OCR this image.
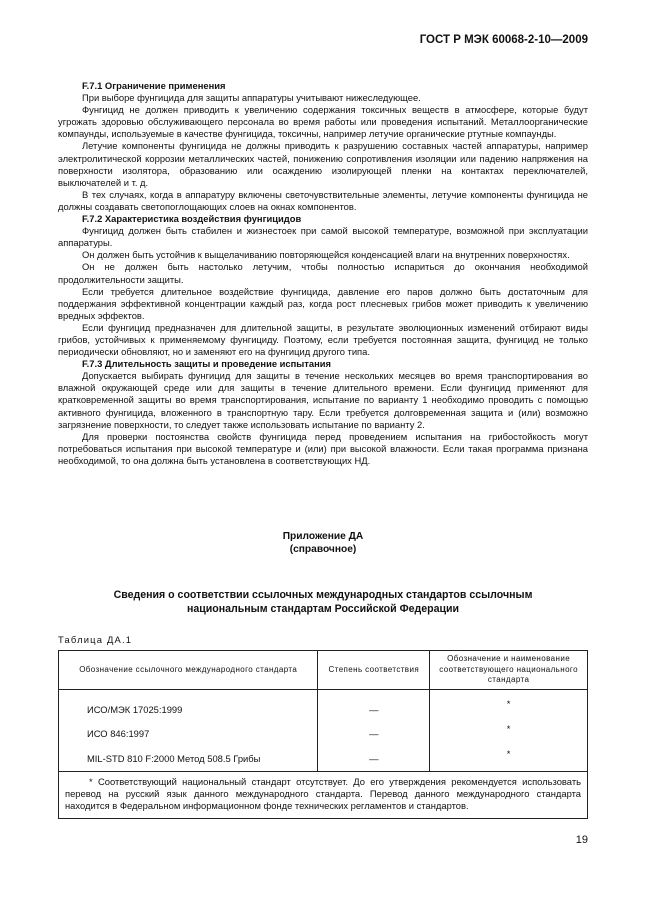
ГОСТ Р МЭК 60068-2-10—2009

F.7.1 Ограничение применения

При выборе фунгицида для защиты аппаратуры учитывают нижеследующее.

Фунгицид не должен приводить к увеличению содержания токсичных веществ в атмосфере, которые будут угрожать здоровью обслуживающего персонала во время работы или проведения испытаний. Металлоорганические компаунды, используемые в качестве фунгицида, токсичны, например летучие органические ртутные компаунды.

Летучие компоненты фунгицида не должны приводить к разрушению составных частей аппаратуры, например электролитической коррозии металлических частей, понижению сопротивления изоляции или падению напряжения на поверхности изолятора, образованию или осаждению изолирующей пленки на контактах переключателей, выключателей и т. д.

В тех случаях, когда в аппаратуру включены светочувствительные элементы, летучие компоненты фунгицида не должны создавать светопоглощающих слоев на окнах компонентов.

F.7.2 Характеристика воздействия фунгицидов

Фунгицид должен быть стабилен и жизнестоек при самой высокой температуре, возможной при эксплуатации аппаратуры.

Он должен быть устойчив к выщелачиванию повторяющейся конденсацией влаги на внутренних поверхностях.

Он не должен быть настолько летучим, чтобы полностью испариться до окончания необходимой продолжительности защиты.

Если требуется длительное воздействие фунгицида, давление его паров должно быть достаточным для поддержания эффективной концентрации каждый раз, когда рост плесневых грибов может приводить к увеличению вредных эффектов.

Если фунгицид предназначен для длительной защиты, в результате эволюционных изменений отбирают виды грибов, устойчивых к применяемому фунгициду. Поэтому, если требуется постоянная защита, фунгицид не только периодически обновляют, но и заменяют его на фунгицид другого типа.

F.7.3 Длительность защиты и проведение испытания

Допускается выбирать фунгицид для защиты в течение нескольких месяцев во время транспортирования во влажной окружающей среде или для защиты в течение длительного времени. Если фунгицид применяют для кратковременной защиты во время транспортирования, испытание по варианту 1 необходимо проводить с помощью активного фунгицида, вложенного в транспортную тару. Если требуется долговременная защита и (или) возможно загрязнение поверхности, то следует также использовать испытание по варианту 2.

Для проверки постоянства свойств фунгицида перед проведением испытания на грибостойкость могут потребоваться испытания при высокой температуре и (или) при высокой влажности. Если такая программа признана необходимой, то она должна быть установлена в соответствующих НД.

Приложение ДА
(справочное)
Сведения о соответствии ссылочных международных стандартов ссылочным национальным стандартам Российской Федерации
Таблица ДА.1
Обозначение ссылочного международного стандарта	Степень соответствия	Обозначение и наименование соответствующего национального стандарта
ИСО/МЭК 17025:1999	—	*
ИСО 846:1997	—	*
MIL-STD 810 F:2000 Метод 508.5 Грибы	—	*

* Соответствующий национальный стандарт отсутствует. До его утверждения рекомендуется использовать перевод на русский язык данного международного стандарта. Перевод данного международного стандарта находится в Федеральном информационном фонде технических регламентов и стандартов.		
19
